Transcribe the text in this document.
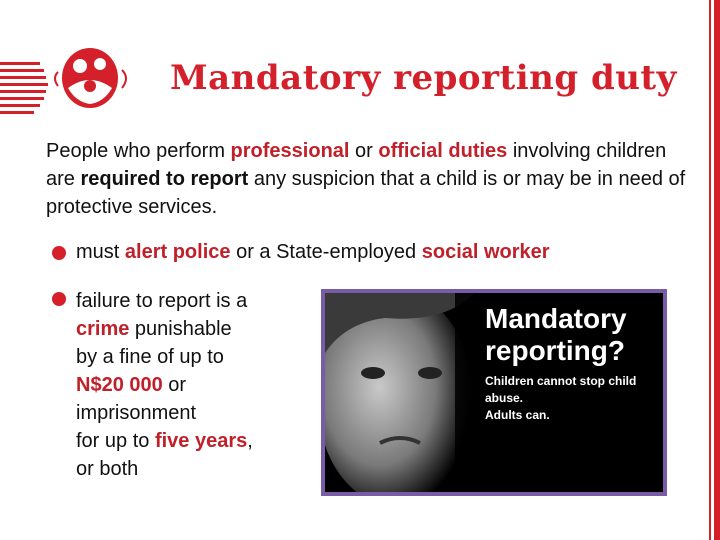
Mandatory reporting duty
People who perform professional or official duties involving children are required to report any suspicion that a child is or may be in need of protective services.
must alert police or a State-employed social worker
failure to report is a
crime punishable
by a fine of up to
N$20 000 or
imprisonment
for up to five years,
or both
Mandatory
reporting?
Children cannot stop child abuse.
Adults can.
